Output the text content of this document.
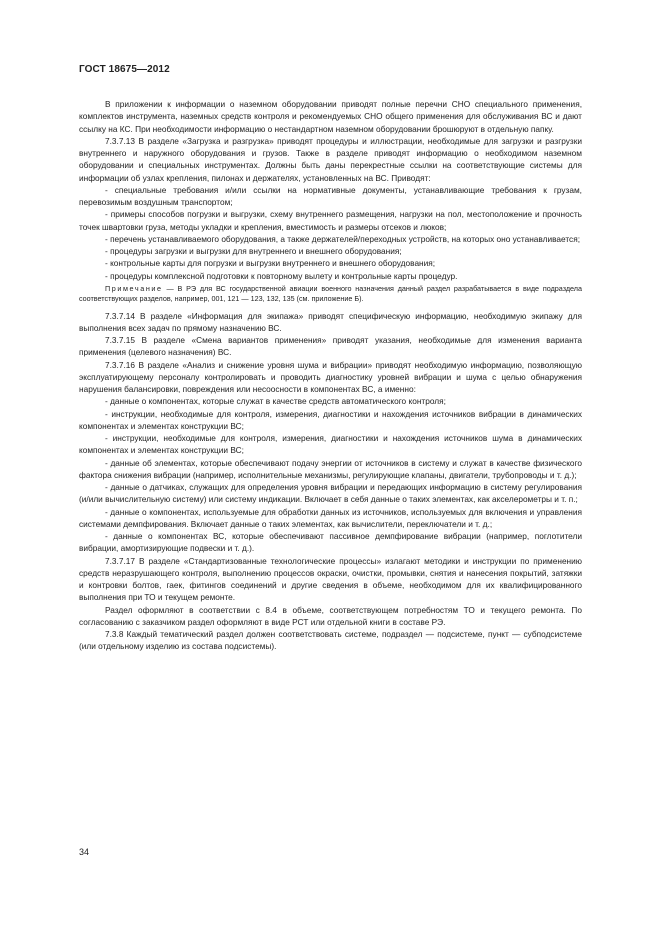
ГОСТ 18675—2012

В приложении к информации о наземном оборудовании приводят полные перечни СНО специального применения, комплектов инструмента, наземных средств контроля и рекомендуемых СНО общего применения для обслуживания ВС и дают ссылку на КС. При необходимости информацию о нестандартном наземном оборудовании брошюруют в отдельную папку.

7.3.7.13 В разделе «Загрузка и разгрузка» приводят процедуры и иллюстрации, необходимые для загрузки и разгрузки внутреннего и наружного оборудования и грузов. Также в разделе приводят информацию о необходимом наземном оборудовании и специальных инструментах. Должны быть даны перекрестные ссылки на соответствующие системы для информации об узлах крепления, пилонах и держателях, установленных на ВС. Приводят:

- специальные требования и/или ссылки на нормативные документы, устанавливающие требования к грузам, перевозимым воздушным транспортом;

- примеры способов погрузки и выгрузки, схему внутреннего размещения, нагрузки на пол, местоположение и прочность точек швартовки груза, методы укладки и крепления, вместимость и размеры отсеков и люков;

- перечень устанавливаемого оборудования, а также держателей/переходных устройств, на которых оно устанавливается;

- процедуры загрузки и выгрузки для внутреннего и внешнего оборудования;

- контрольные карты для погрузки и выгрузки внутреннего и внешнего оборудования;

- процедуры комплексной подготовки к повторному вылету и контрольные карты процедур.

Примечание — В РЭ для ВС государственной авиации военного назначения данный раздел разрабатывается в виде подраздела соответствующих разделов, например, 001, 121 — 123, 132, 135 (см. приложение Б).

7.3.7.14 В разделе «Информация для экипажа» приводят специфическую информацию, необходимую экипажу для выполнения всех задач по прямому назначению ВС.

7.3.7.15 В разделе «Смена вариантов применения» приводят указания, необходимые для изменения варианта применения (целевого назначения) ВС.

7.3.7.16 В разделе «Анализ и снижение уровня шума и вибрации» приводят необходимую информацию, позволяющую эксплуатирующему персоналу контролировать и проводить диагностику уровней вибрации и шума с целью обнаружения нарушения балансировки, повреждения или несоосности в компонентах ВС, а именно:

- данные о компонентах, которые служат в качестве средств автоматического контроля;

- инструкции, необходимые для контроля, измерения, диагностики и нахождения источников вибрации в динамических компонентах и элементах конструкции ВС;

- инструкции, необходимые для контроля, измерения, диагностики и нахождения источников шума в динамических компонентах и элементах конструкции ВС;

- данные об элементах, которые обеспечивают подачу энергии от источников в систему и служат в качестве физического фактора снижения вибрации (например, исполнительные механизмы, регулирующие клапаны, двигатели, трубопроводы и т. д.);

- данные о датчиках, служащих для определения уровня вибрации и передающих информацию в систему регулирования (и/или вычислительную систему) или систему индикации. Включает в себя данные о таких элементах, как акселерометры и т. п.;

- данные о компонентах, используемые для обработки данных из источников, используемых для включения и управления системами демпфирования. Включает данные о таких элементах, как вычислители, переключатели и т. д.;

- данные о компонентах ВС, которые обеспечивают пассивное демпфирование вибрации (например, поглотители вибрации, амортизирующие подвески и т. д.).

7.3.7.17 В разделе «Стандартизованные технологические процессы» излагают методики и инструкции по применению средств неразрушающего контроля, выполнению процессов окраски, очистки, промывки, снятия и нанесения покрытий, затяжки и контровки болтов, гаек, фитингов соединений и другие сведения в объеме, необходимом для их квалифицированного выполнения при ТО и текущем ремонте.

Раздел оформляют в соответствии с 8.4 в объеме, соответствующем потребностям ТО и текущего ремонта. По согласованию с заказчиком раздел оформляют в виде РСТ или отдельной книги в составе РЭ.

7.3.8 Каждый тематический раздел должен соответствовать системе, подраздел — подсистеме, пункт — субподсистеме (или отдельному изделию из состава подсистемы).

34
